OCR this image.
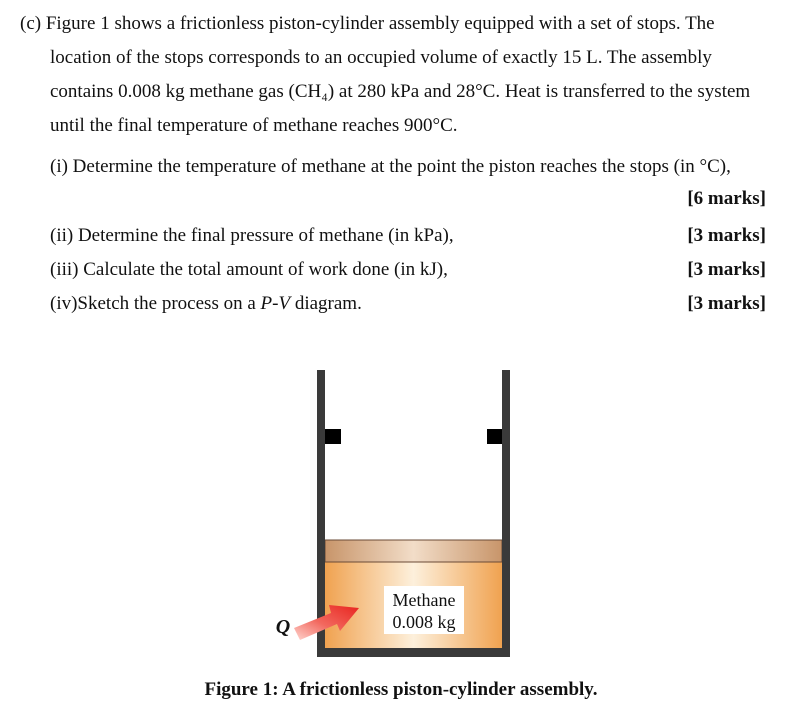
(c) Figure 1 shows a frictionless piston-cylinder assembly equipped with a set of stops. The
location of the stops corresponds to an occupied volume of exactly 15 L. The assembly
contains 0.008 kg methane gas (CH₄) at 280 kPa and 28°C. Heat is transferred to the system
until the final temperature of methane reaches 900°C.
(i) Determine the temperature of methane at the point the piston reaches the stops (in °C),
[6 marks]
(ii) Determine the final pressure of methane (in kPa),	[3 marks]
(iii) Calculate the total amount of work done (in kJ),	[3 marks]
(iv)Sketch the process on a P-V diagram.	[3 marks]
Methane
0.008 kg
Q
Figure 1: A frictionless piston-cylinder assembly.
